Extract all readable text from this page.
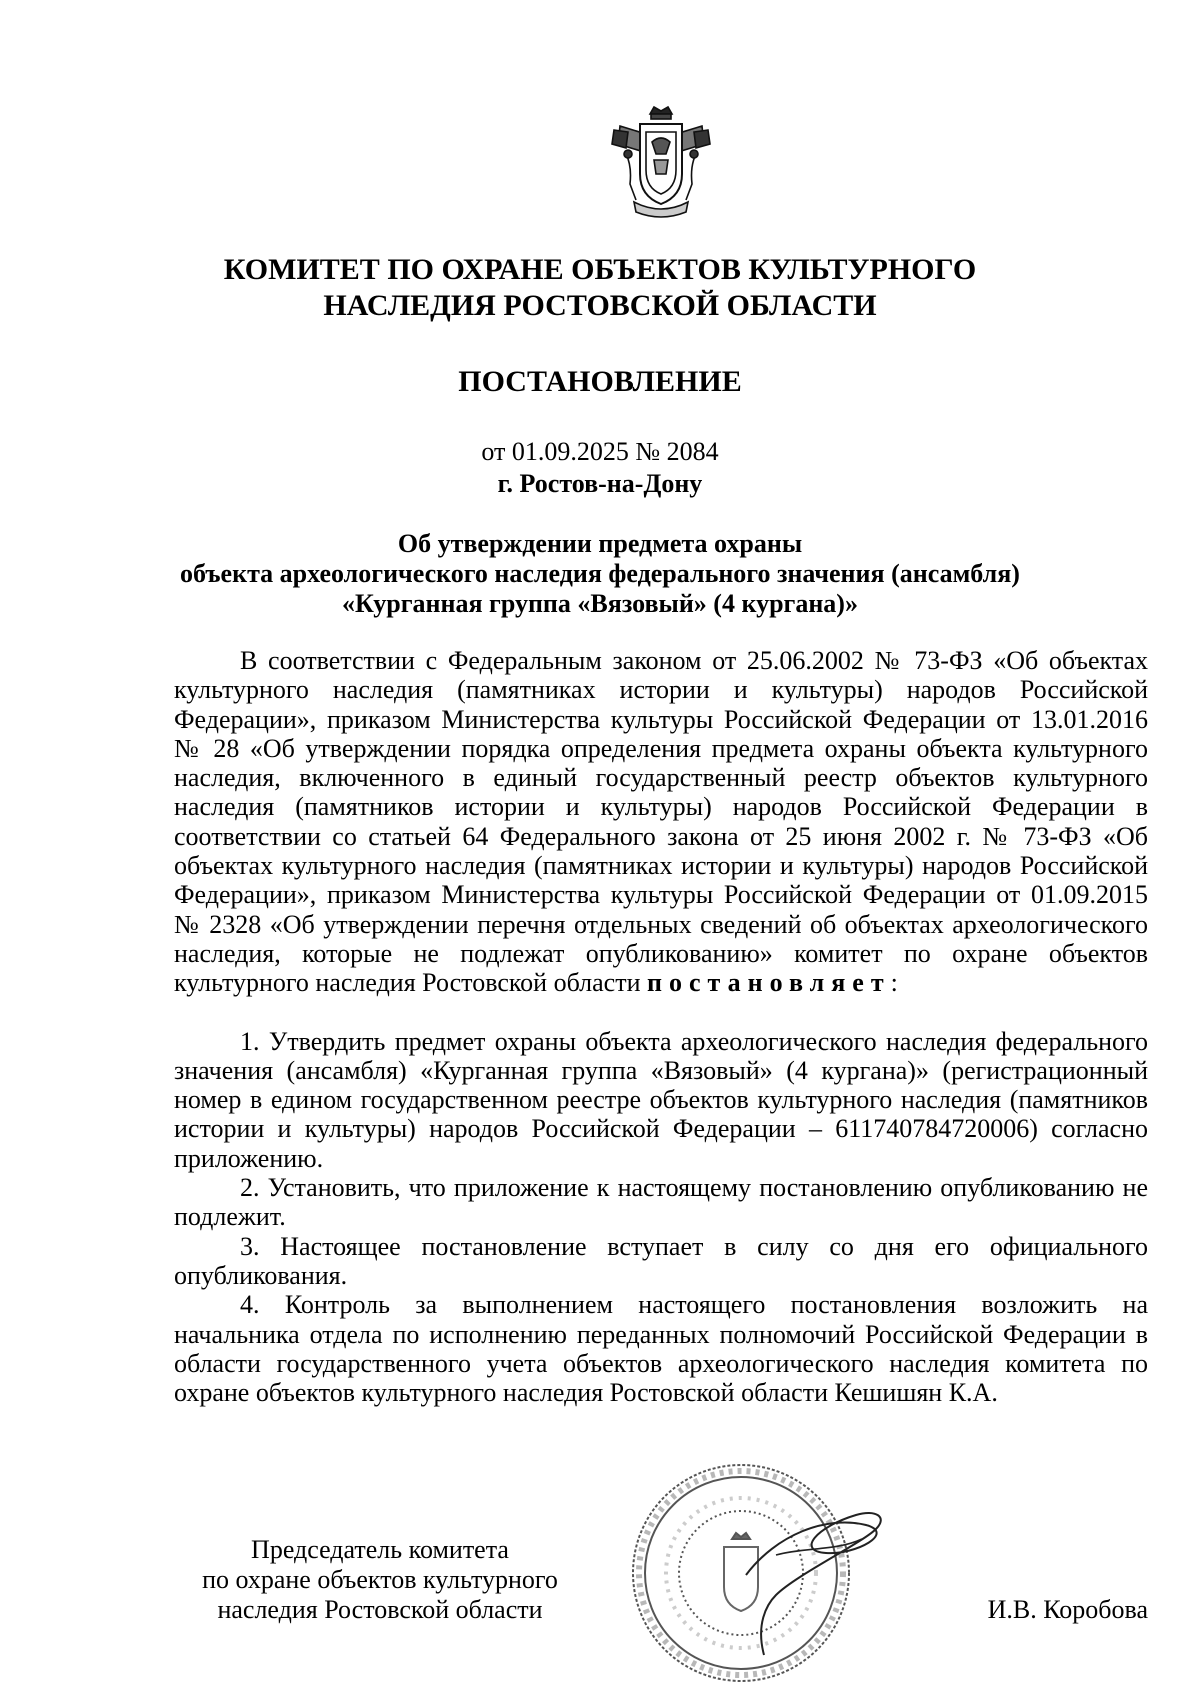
КОМИТЕТ ПО ОХРАНЕ ОБЪЕКТОВ КУЛЬТУРНОГО
НАСЛЕДИЯ РОСТОВСКОЙ ОБЛАСТИ
ПОСТАНОВЛЕНИЕ
от 01.09.2025 № 2084
г. Ростов-на-Дону
Об утверждении предмета охраны
объекта археологического наследия федерального значения (ансамбля)
«Курганная группа «Вязовый» (4 кургана)»

В соответствии с Федеральным законом от 25.06.2002 № 73-ФЗ «Об объектах культурного наследия (памятниках истории и культуры) народов Российской Федерации», приказом Министерства культуры Российской Федерации от 13.01.2016 № 28 «Об утверждении порядка определения предмета охраны объекта культурного наследия, включенного в единый государственный реестр объектов культурного наследия (памятников истории и культуры) народов Российской Федерации в соответствии со статьей 64 Федерального закона от 25 июня 2002 г. № 73-ФЗ «Об объектах культурного наследия (памятниках истории и культуры) народов Российской Федерации», приказом Министерства культуры Российской Федерации от 01.09.2015 № 2328 «Об утверждении перечня отдельных сведений об объектах археологического наследия, которые не подлежат опубликованию» комитет по охране объектов культурного наследия Ростовской области постановляет:

1. Утвердить предмет охраны объекта археологического наследия федерального значения (ансамбля) «Курганная группа «Вязовый» (4 кургана)» (регистрационный номер в едином государственном реестре объектов культурного наследия (памятников истории и культуры) народов Российской Федерации – 611740784720006) согласно приложению.

2. Установить, что приложение к настоящему постановлению опубликованию не подлежит.

3. Настоящее постановление вступает в силу со дня его официального опубликования.

4. Контроль за выполнением настоящего постановления возложить на начальника отдела по исполнению переданных полномочий Российской Федерации в области государственного учета объектов археологического наследия комитета по охране объектов культурного наследия Ростовской области Кешишян К.А.

Председатель комитета
по охране объектов культурного
наследия Ростовской области	И.В. Коробова
